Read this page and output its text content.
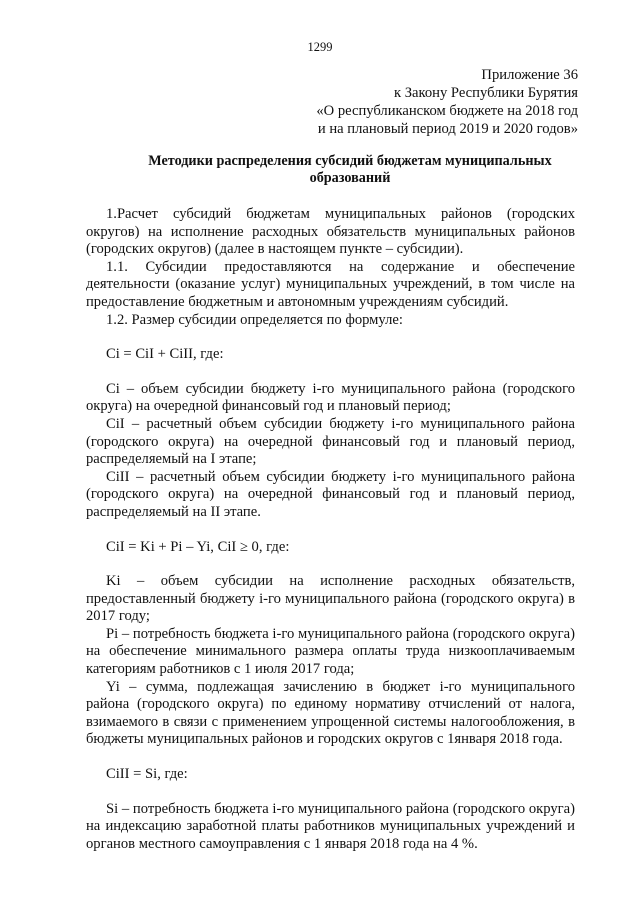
1299
Приложение 36
к Закону Республики Бурятия
«О республиканском бюджете на 2018 год
и на плановый период 2019 и 2020 годов»
Методики распределения субсидий бюджетам муниципальных
образований

1.Расчет субсидий бюджетам муниципальных районов (городских округов) на исполнение расходных обязательств муниципальных районов (городских округов) (далее в настоящем пункте – субсидии).

1.1. Субсидии предоставляются на содержание и обеспечение деятельности (оказание услуг) муниципальных учреждений, в том числе на предоставление бюджетным и автономным учреждениям субсидий.

1.2. Размер субсидии определяется по формуле:

Ci = CiI + CiII, где:

Ci – объем субсидии бюджету i-го муниципального района (городского округа) на очередной финансовый год и плановый период;

CiI – расчетный объем субсидии бюджету i-го муниципального района (городского округа) на очередной финансовый год и плановый период, распределяемый на I этапе;

CiII – расчетный объем субсидии бюджету i-го муниципального района (городского округа) на очередной финансовый год и плановый период, распределяемый на II этапе.

CiI = Ki + Pi – Yi, CiI ≥ 0, где:

Ki – объем субсидии на исполнение расходных обязательств, предоставленный бюджету i-го муниципального района (городского округа) в 2017 году;

Pi – потребность бюджета i-го муниципального района (городского округа) на обеспечение минимального размера оплаты труда низкооплачиваемым категориям работников с 1 июля 2017 года;

Yi – сумма, подлежащая зачислению в бюджет i-го муниципального района (городского округа) по единому нормативу отчислений от налога, взимаемого в связи с применением упрощенной системы налогообложения, в бюджеты муниципальных районов и городских округов с 1января 2018 года.

CiII = Si, где:

Si – потребность бюджета i-го муниципального района (городского округа) на индексацию заработной платы работников муниципальных учреждений и органов местного самоуправления с 1 января 2018 года на 4 %.
